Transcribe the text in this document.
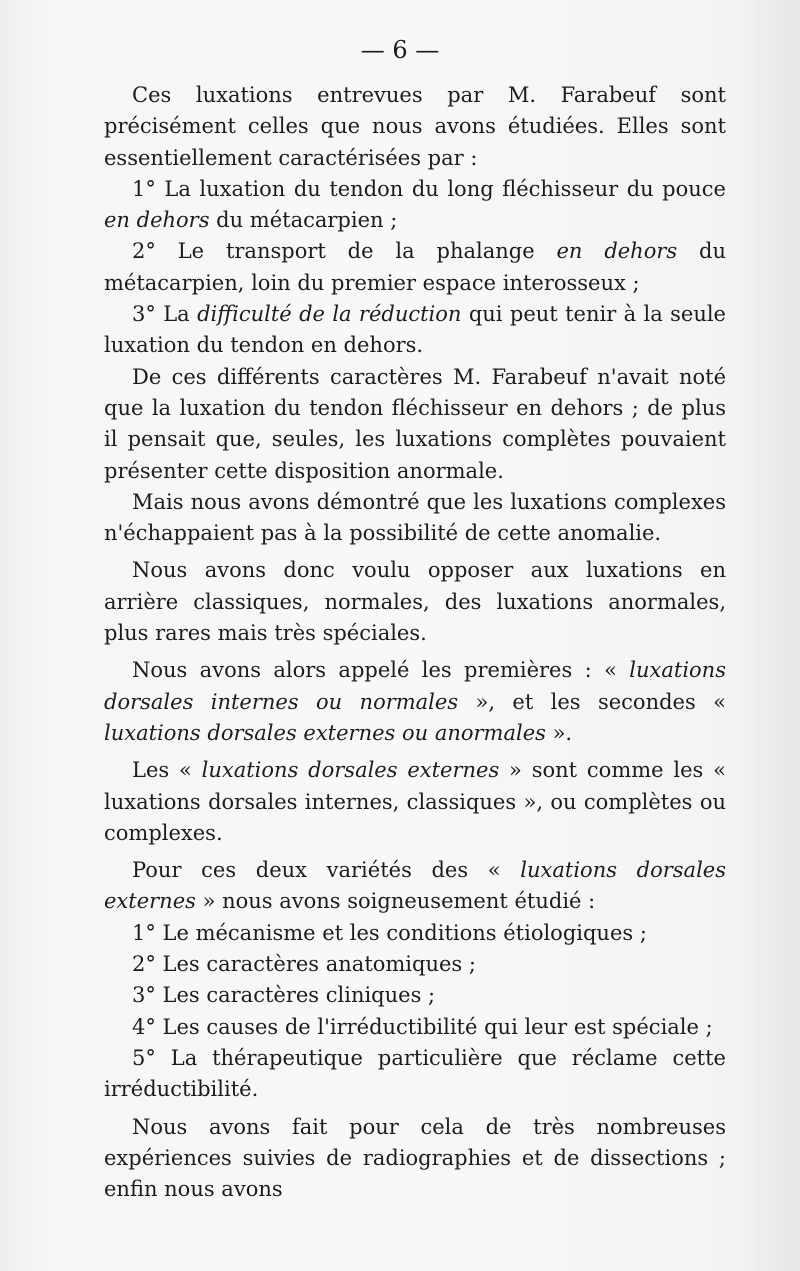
— 6 —

Ces luxations entrevues par M. Farabeuf sont précisément celles que nous avons étudiées. Elles sont essentiellement caractérisées par :

1° La luxation du tendon du long fléchisseur du pouce en dehors du métacarpien ;

2° Le transport de la phalange en dehors du métacarpien, loin du premier espace interosseux ;

3° La difficulté de la réduction qui peut tenir à la seule luxation du tendon en dehors.

De ces différents caractères M. Farabeuf n'avait noté que la luxation du tendon fléchisseur en dehors ; de plus il pensait que, seules, les luxations complètes pouvaient présenter cette disposition anormale.

Mais nous avons démontré que les luxations complexes n'échappaient pas à la possibilité de cette anomalie.

Nous avons donc voulu opposer aux luxations en arrière classiques, normales, des luxations anormales, plus rares mais très spéciales.

Nous avons alors appelé les premières : « luxations dorsales internes ou normales », et les secondes « luxations dorsales externes ou anormales ».

Les « luxations dorsales externes » sont comme les « luxations dorsales internes, classiques », ou complètes ou complexes.

Pour ces deux variétés des « luxations dorsales externes » nous avons soigneusement étudié :

1° Le mécanisme et les conditions étiologiques ;

2° Les caractères anatomiques ;

3° Les caractères cliniques ;

4° Les causes de l'irréductibilité qui leur est spéciale ;

5° La thérapeutique particulière que réclame cette irréductibilité.

Nous avons fait pour cela de très nombreuses expériences suivies de radiographies et de dissections ; enfin nous avons
